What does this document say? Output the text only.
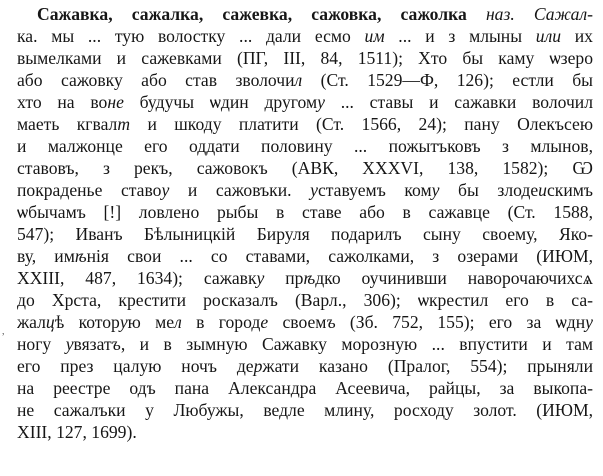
Сажавка, сажалка, сажевка, сажовка, сажолка наз. Сажал-
ка. мы ... тую волостку ... дали есмо им ... и з млыны или их
вымелками и сажевками (ПГ, III, 84, 1511); Хто бы каму ѡзеро
або сажовку або став зволочил (Ст. 1529—Ф, 126); естли бы
хто на воне будучы ѡдин другому ... ставы и сажавки волочил
маеть кгвалт и шкоду платити (Ст. 1566, 24); пану Олекъсею
и малжонце его оддати половину ... пожытъковъ з млынов,
ставовъ, з рекъ, сажовокъ (АВК, XXXVI, 138, 1582); Ѡ
покраденье ставоу и сажовъки. уставуемъ кому бы злодеискимъ
ѡбычамъ [!] ловлено рыбы в ставе або в сажавце (Ст. 1588,
547); Иванъ Бѣлыницкій Бируля подарилъ сыну своему, Яко-
ву, имѣнія свои ... со ставами, сажолками, з озерами (ИЮМ,
XXIII, 487, 1634); сажавку прѣдко оучинивши наворочаючихсѧ
до Хрста, крестити росказалъ (Варл., 306); ѡкрестил его в са-
жалцѣ которую мел в городе своемъ (Зб. 752, 155); его за ѡдну
ногу увязатъ, и в зымную Сажавку морозную ... впустити и там
его през цалую ночъ держати казано (Пралог, 554); прыняли
на реестре одъ пана Александра Асеевича, райцы, за выкопа-
не сажалъки у Любужы, ведле млину, росходу золот. (ИЮМ,
XIII, 127, 1699).
,
